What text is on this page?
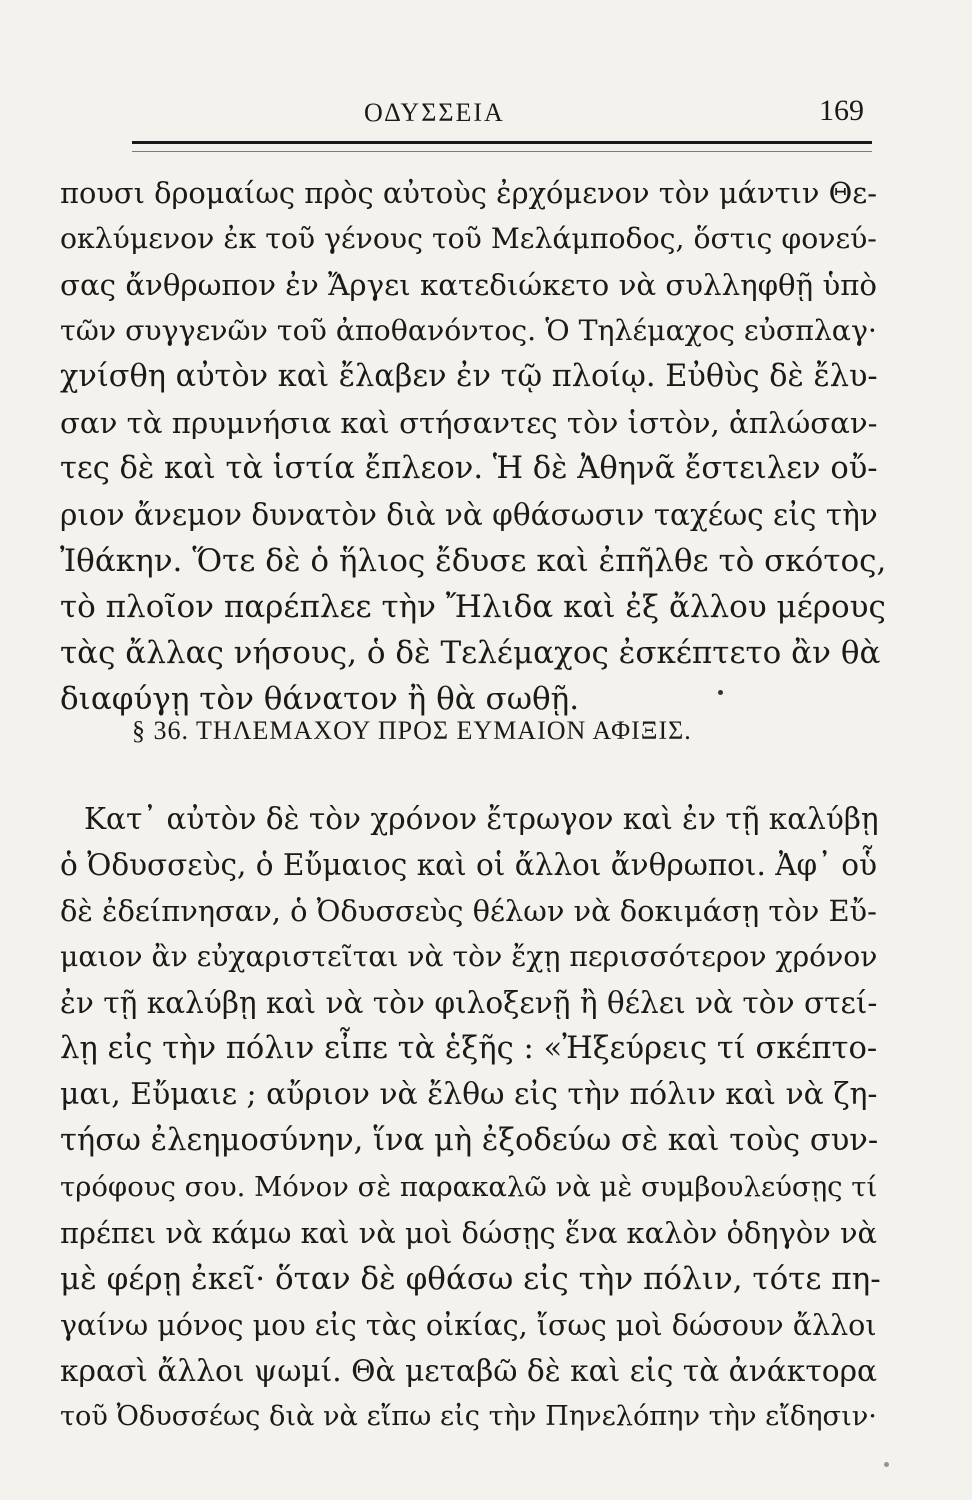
ΟΔΥΣΣΕΙΑ	169
πουσι δρομαίως πρὸς αὐτοὺς ἐρχόμενον τὸν μάντιν Θε-
οκλύμενον ἐκ τοῦ γένους τοῦ Μελάμποδος, ὅστις φονεύ-
σας ἄνθρωπον ἐν Ἄργει κατεδιώκετο νὰ συλληφθῇ ὑπὸ
τῶν συγγενῶν τοῦ ἀποθανόντος. Ὁ Τηλέμαχος εὐσπλαγ·
χνίσθη αὐτὸν καὶ ἔλαβεν ἐν τῷ πλοίῳ. Εὐθὺς δὲ ἔλυ-
σαν τὰ πρυμνήσια καὶ στήσαντες τὸν ἱστὸν, ἁπλώσαν-
τες δὲ καὶ τὰ ἱστία ἔπλεον. Ἡ δὲ Ἀθηνᾶ ἔστειλεν οὔ-
ριον ἄνεμον δυνατὸν διὰ νὰ φθάσωσιν ταχέως εἰς τὴν
Ἰθάκην. Ὅτε δὲ ὁ ἥλιος ἔδυσε καὶ ἐπῆλθε τὸ σκότος,
τὸ πλοῖον παρέπλεε τὴν Ἤλιδα καὶ ἐξ ἄλλου μέρους
τὰς ἄλλας νήσους, ὁ δὲ Τελέμαχος ἐσκέπτετο ἂν θὰ
διαφύγῃ τὸν θάνατον ἢ θὰ σωθῇ.
§ 36. ΤΗΛΕΜΑΧΟΥ ΠΡΟΣ ΕΥΜΑΙΟΝ ΑΦΙΞΙΣ.
Κατ᾽ αὐτὸν δὲ τὸν χρόνον ἔτρωγον καὶ ἐν τῇ καλύβῃ
ὁ Ὀδυσσεὺς, ὁ Εὔμαιος καὶ οἱ ἄλλοι ἄνθρωποι. Ἀφ᾽ οὗ
δὲ ἐδείπνησαν, ὁ Ὀδυσσεὺς θέλων νὰ δοκιμάσῃ τὸν Εὔ-
μαιον ἂν εὐχαριστεῖται νὰ τὸν ἔχῃ περισσότερον χρόνον
ἐν τῇ καλύβῃ καὶ νὰ τὸν φιλοξενῇ ἢ θέλει νὰ τὸν στεί-
λῃ εἰς τὴν πόλιν εἶπε τὰ ἑξῆς : «Ἠξεύρεις τί σκέπτο-
μαι, Εὔμαιε ; αὔριον νὰ ἔλθω εἰς τὴν πόλιν καὶ νὰ ζη-
τήσω ἐλεημοσύνην, ἵνα μὴ ἐξοδεύω σὲ καὶ τοὺς συν-
τρόφους σου. Μόνον σὲ παρακαλῶ νὰ μὲ συμβουλεύσῃς τί
πρέπει νὰ κάμω καὶ νὰ μοὶ δώσῃς ἕνα καλὸν ὁδηγὸν νὰ
μὲ φέρῃ ἐκεῖ· ὅταν δὲ φθάσω εἰς τὴν πόλιν, τότε πη-
γαίνω μόνος μου εἰς τὰς οἰκίας, ἴσως μοὶ δώσουν ἄλλοι
κρασὶ ἄλλοι ψωμί. Θὰ μεταβῶ δὲ καὶ εἰς τὰ ἀνάκτορα
τοῦ Ὀδυσσέως διὰ νὰ εἴπω εἰς τὴν Πηνελόπην τὴν εἴδησιν·
